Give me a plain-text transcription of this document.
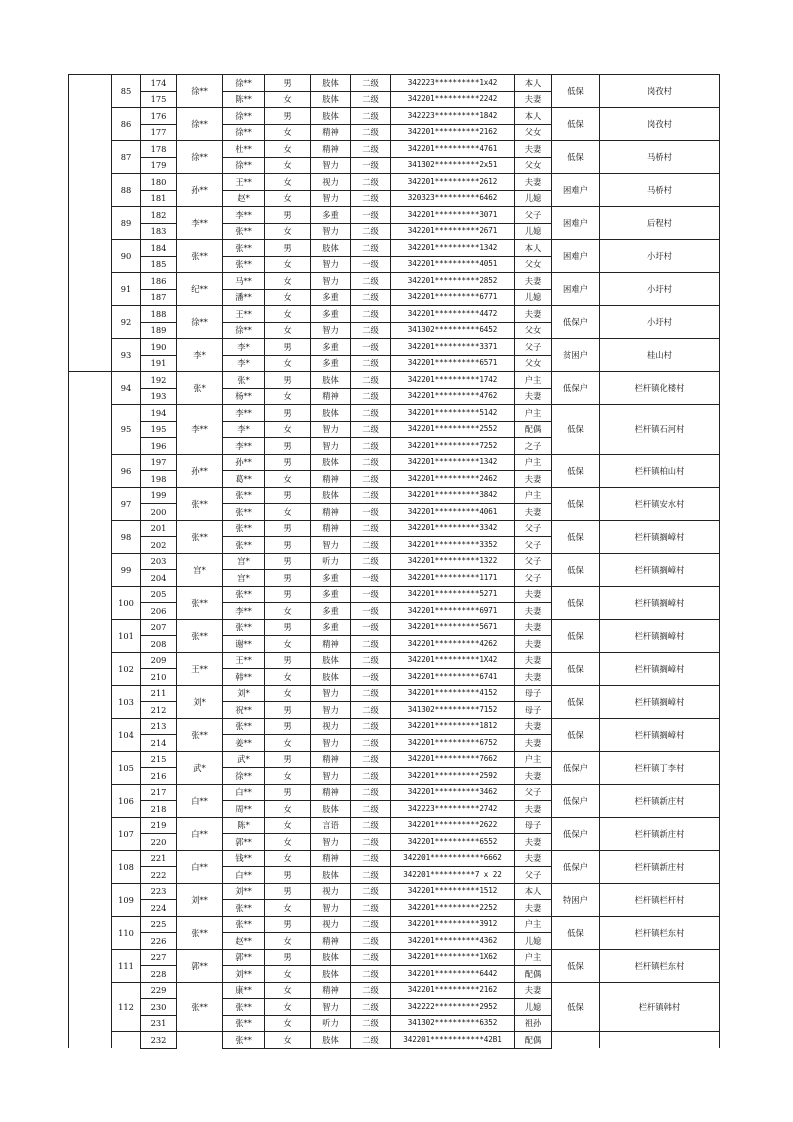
	85	174	徐**	徐**	男	肢体	二级	342223**********1x42	本人	低保	岗孜村
		175		陈**	女	肢体	二级	342201**********2242	夫妻		
	86	176	徐**	徐**	男	肢体	二级	342223**********1842	本人	低保	岗孜村
		177		徐**	女	精神	二级	342201**********2162	父女		
	87	178	徐**	杜**	女	精神	二级	342201**********4761	夫妻	低保	马桥村
		179		徐**	女	智力	一级	341302**********2x51	父女		
	88	180	孙**	王**	女	视力	二级	342201**********2612	夫妻	困难户	马桥村
		181		赵*	女	智力	二级	320323**********6462	儿媳		
	89	182	李**	李**	男	多重	一级	342201**********3071	父子	困难户	后程村
		183		张**	女	智力	二级	342201**********2671	儿媳		
	90	184	张**	张**	男	肢体	二级	342201**********1342	本人	困难户	小圩村
		185		张**	女	智力	一级	342201**********4051	父女		
	91	186	纪**	马**	女	智力	二级	342201**********2852	夫妻	困难户	小圩村
		187		潘**	女	多重	二级	342201**********6771	儿媳		
	92	188	徐**	王**	女	多重	二级	342201**********4472	夫妻	低保户	小圩村
		189		徐**	女	智力	二级	341302**********6452	父女		
	93	190	李*	李*	男	多重	一级	342201**********3371	父子	贫困户	桂山村
		191		李*	女	多重	二级	342201**********6571	父女		
	94	192	张*	张*	男	肢体	二级	342201**********1742	户主	低保户	栏杆镇化楼村
		193		杨**	女	精神	二级	342201**********4762	夫妻		
	95	194	李**	李**	男	肢体	二级	342201**********5142	户主	低保	栏杆镇石河村
		195		李*	女	智力	二级	342201**********2552	配偶		
		196		李**	男	智力	二级	342201**********7252	之子		
	96	197	孙**	孙**	男	肢体	二级	342201**********1342	户主	低保	栏杆镇柏山村
		198		葛**	女	精神	二级	342201**********2462	夫妻		
	97	199	张**	张**	男	肢体	二级	342201**********3842	户主	低保	栏杆镇安水村
		200		张**	女	精神	一级	342201**********4061	夫妻		
	98	201	张**	张**	男	精神	二级	342201**********3342	父子	低保	栏杆镇搁嶂村
		202		张**	男	智力	二级	342201**********3352	父子		
	99	203	宫*	宫*	男	听力	二级	342201**********1322	父子	低保	栏杆镇搁嶂村
		204		宫*	男	多重	一级	342201**********1171	父子		
	100	205	张**	张**	男	多重	一级	342201**********5271	夫妻	低保	栏杆镇搁嶂村
		206		李**	女	多重	一级	342201**********6971	夫妻		
	101	207	张**	张**	男	多重	一级	342201**********5671	夫妻	低保	栏杆镇搁嶂村
		208		谢**	女	精神	二级	342201**********4262	夫妻		
	102	209	王**	王**	男	肢体	二级	342201**********1X42	夫妻	低保	栏杆镇搁嶂村
		210		韩**	女	肢体	一级	342201**********6741	夫妻		
	103	211	刘*	刘*	女	智力	二级	342201**********4152	母子	低保	栏杆镇搁嶂村
		212		祝**	男	智力	二级	341302**********7152	母子		
	104	213	张**	张**	男	视力	二级	342201**********1812	夫妻	低保	栏杆镇搁嶂村
		214		姜**	女	智力	二级	342201**********6752	夫妻		
	105	215	武*	武*	男	精神	二级	342201**********7662	户主	低保户	栏杆镇丁李村
		216		徐**	女	智力	二级	342201**********2592	夫妻		
	106	217	白**	白**	男	精神	二级	342201**********3462	父子	低保户	栏杆镇新庄村
		218		周**	女	肢体	二级	342223**********2742	夫妻		
	107	219	白**	陈*	女	言语	二级	342201**********2622	母子	低保户	栏杆镇新庄村
		220		郭**	女	智力	二级	342201**********6552	夫妻		
	108	221	白**	钱**	女	精神	二级	342201************6662	夫妻	低保户	栏杆镇新庄村
		222		白**	男	肢体	二级	342201**********7 x 22	父子		
	109	223	刘**	刘**	男	视力	二级	342201**********1512	本人	特困户	栏杆镇栏杆村
		224		张**	女	智力	二级	342201**********2252	夫妻		
	110	225	张**	张**	男	视力	二级	342201**********3912	户主	低保	栏杆镇栏东村
		226		赵**	女	精神	二级	342201**********4362	儿媳		
	111	227	郭**	郭**	男	肢体	二级	342201**********1X62	户主	低保	栏杆镇栏东村
		228		刘**	女	肢体	二级	342201**********6442	配偶		
	112	229	张**	康**	女	精神	二级	342201**********2162	夫妻	低保	栏杆镇韩村
		230		张**	女	智力	二级	342222**********2952	儿媳		
		231		张**	女	听力	二级	341302**********6352	祖孙		
		232		张**	女	肢体	二级	342201************42B1	配偶		
